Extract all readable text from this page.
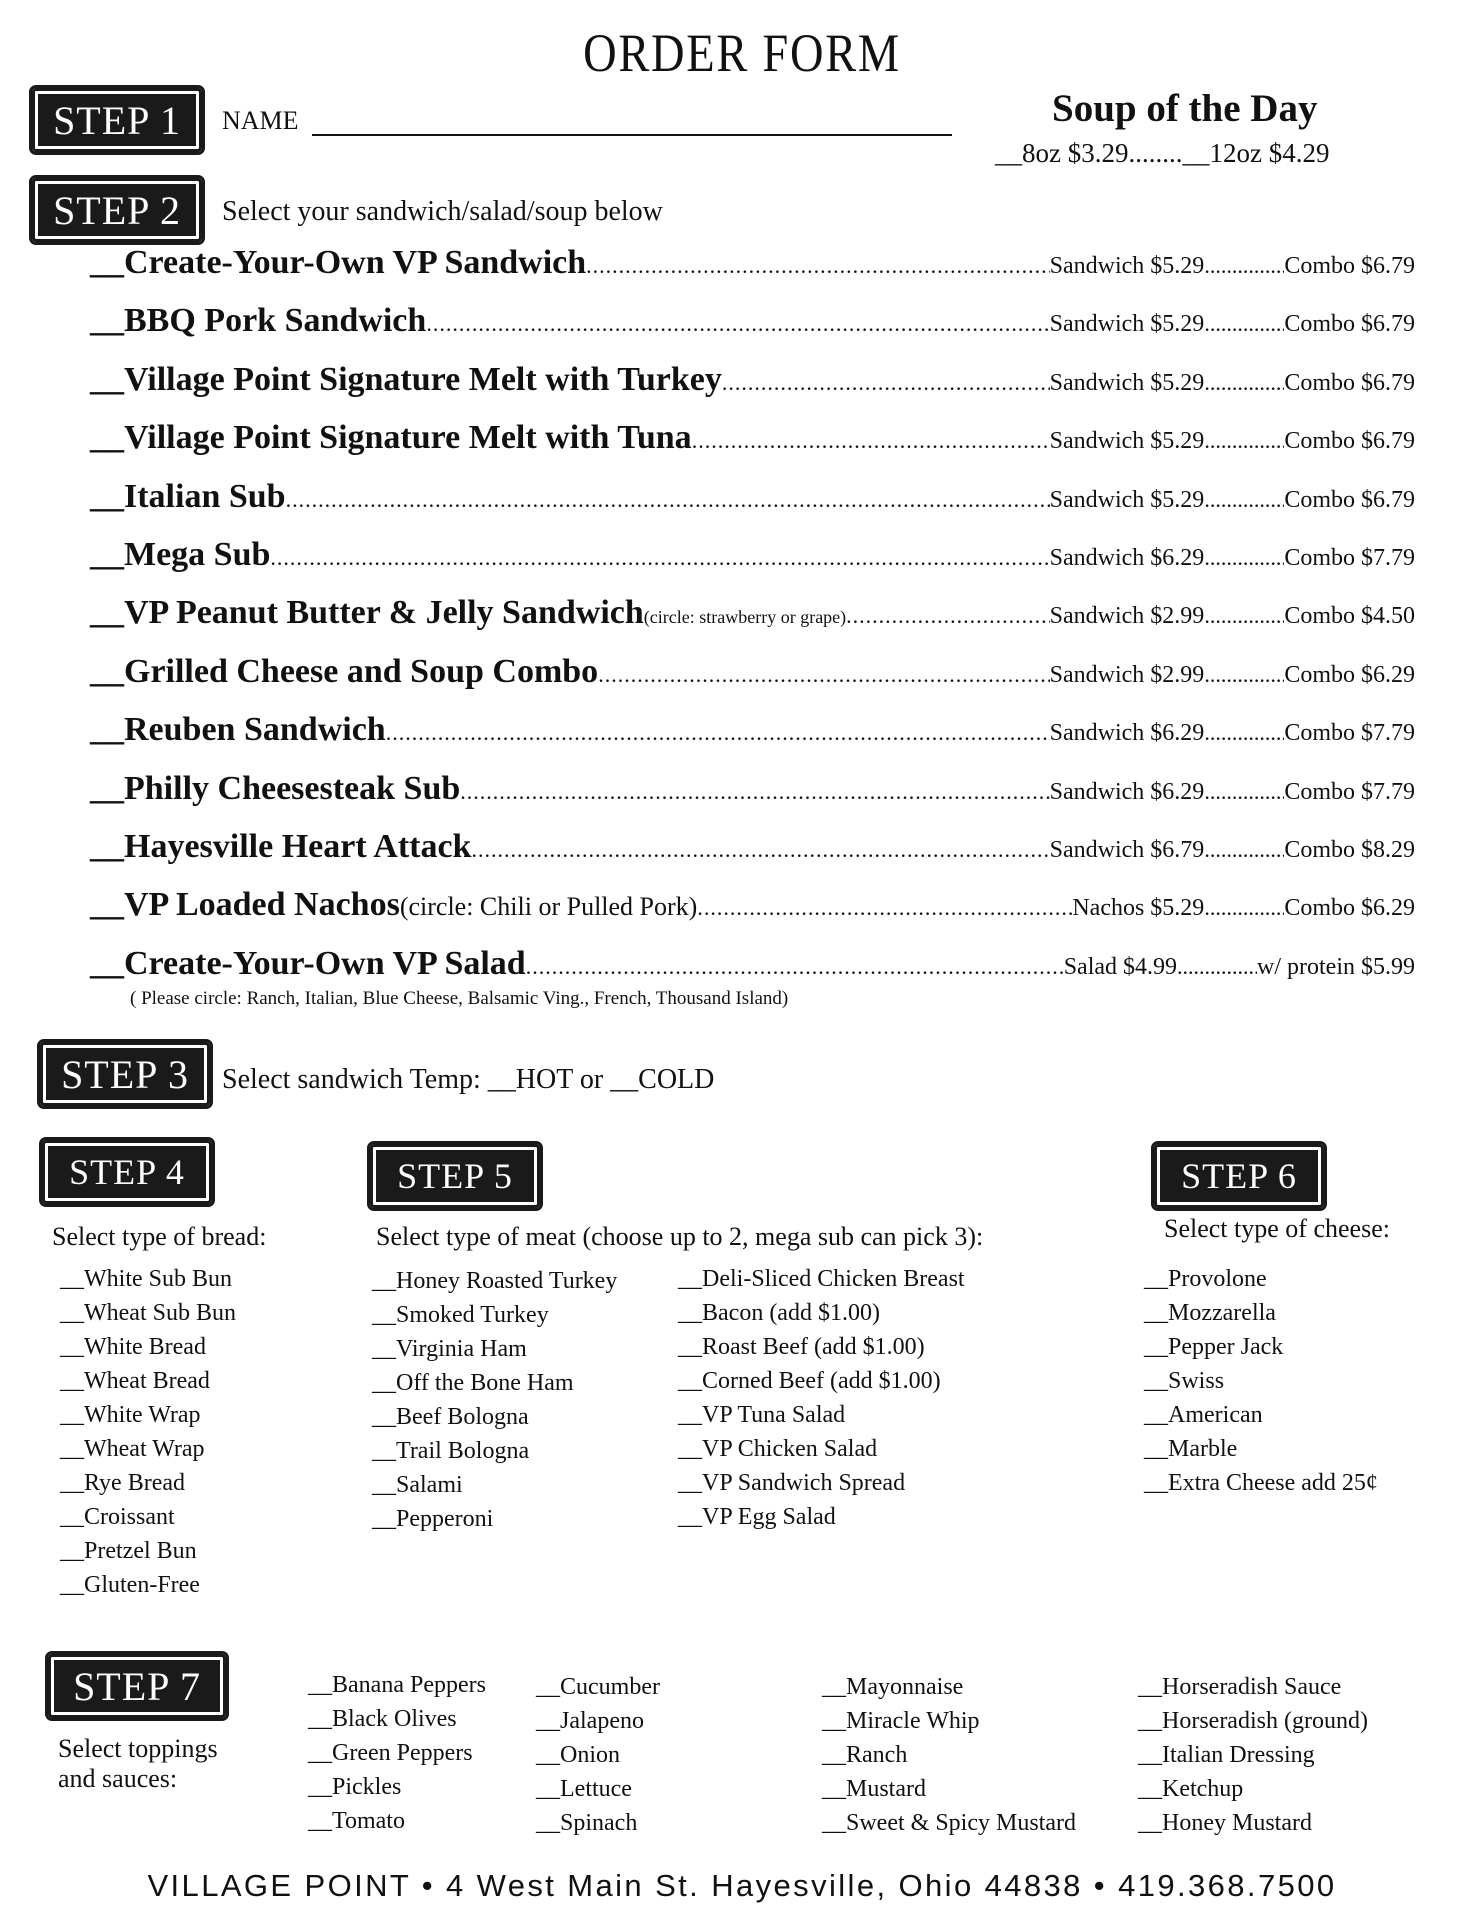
ORDER FORM
STEP 1	NAME	Soup of the Day
__8oz $3.29........__12oz $4.29
STEP 2	Select your sandwich/salad/soup below
__ Create-Your-Own VP Sandwich .....	Sandwich $5.29 .....	Combo $6.79
__ BBQ Pork Sandwich .....	Sandwich $5.29 .....	Combo $6.79
__ Village Point Signature Melt with Turkey .....	Sandwich $5.29 .....	Combo $6.79
__ Village Point Signature Melt with Tuna .....	Sandwich $5.29 .....	Combo $6.79
__ Italian Sub .....	Sandwich $5.29 .....	Combo $6.79
__ Mega Sub .....	Sandwich $6.29 .....	Combo $7.79
__ VP Peanut Butter & Jelly Sandwich (circle: strawberry or grape) .....	Sandwich $2.99 .....	Combo $4.50
__ Grilled Cheese and Soup Combo .....	Sandwich $2.99 .....	Combo $6.29
__ Reuben Sandwich .....	Sandwich $6.29 .....	Combo $7.79
__ Philly Cheesesteak Sub .....	Sandwich $6.29 .....	Combo $7.79
__ Hayesville Heart Attack .....	Sandwich $6.79 .....	Combo $8.29
__ VP Loaded Nachos (circle: Chili or Pulled Pork) .....	Nachos $5.29 .....	Combo $6.29
__ Create-Your-Own VP Salad .....	Salad $4.99 .....	w/ protein $5.99
( Please circle: Ranch, Italian, Blue Cheese, Balsamic Ving., French, Thousand Island)
STEP 3	Select sandwich Temp: __HOT or __COLD
STEP 4
Select type of bread:
__White Sub Bun
__Wheat Sub Bun
__White Bread
__Wheat Bread
__White Wrap
__Wheat Wrap
__Rye Bread
__Croissant
__Pretzel Bun
__Gluten-Free
STEP 5
Select type of meat (choose up to 2, mega sub can pick 3):
__Honey Roasted Turkey
__Smoked Turkey
__Virginia Ham
__Off the Bone Ham
__Beef Bologna
__Trail Bologna
__Salami
__Pepperoni
__Deli-Sliced Chicken Breast
__Bacon (add $1.00)
__Roast Beef (add $1.00)
__Corned Beef (add $1.00)
__VP Tuna Salad
__VP Chicken Salad
__VP Sandwich Spread
__VP Egg Salad
STEP 6
Select type of cheese:
__Provolone
__Mozzarella
__Pepper Jack
__Swiss
__American
__Marble
__Extra Cheese add 25¢
STEP 7
Select toppings
and sauces:
__Banana Peppers
__Black Olives
__Green Peppers
__Pickles
__Tomato
__Cucumber
__Jalapeno
__Onion
__Lettuce
__Spinach
__Mayonnaise
__Miracle Whip
__Ranch
__Mustard
__Sweet & Spicy Mustard
__Horseradish Sauce
__Horseradish (ground)
__Italian Dressing
__Ketchup
__Honey Mustard
VILLAGE POINT • 4 West Main St. Hayesville, Ohio 44838 • 419.368.7500
